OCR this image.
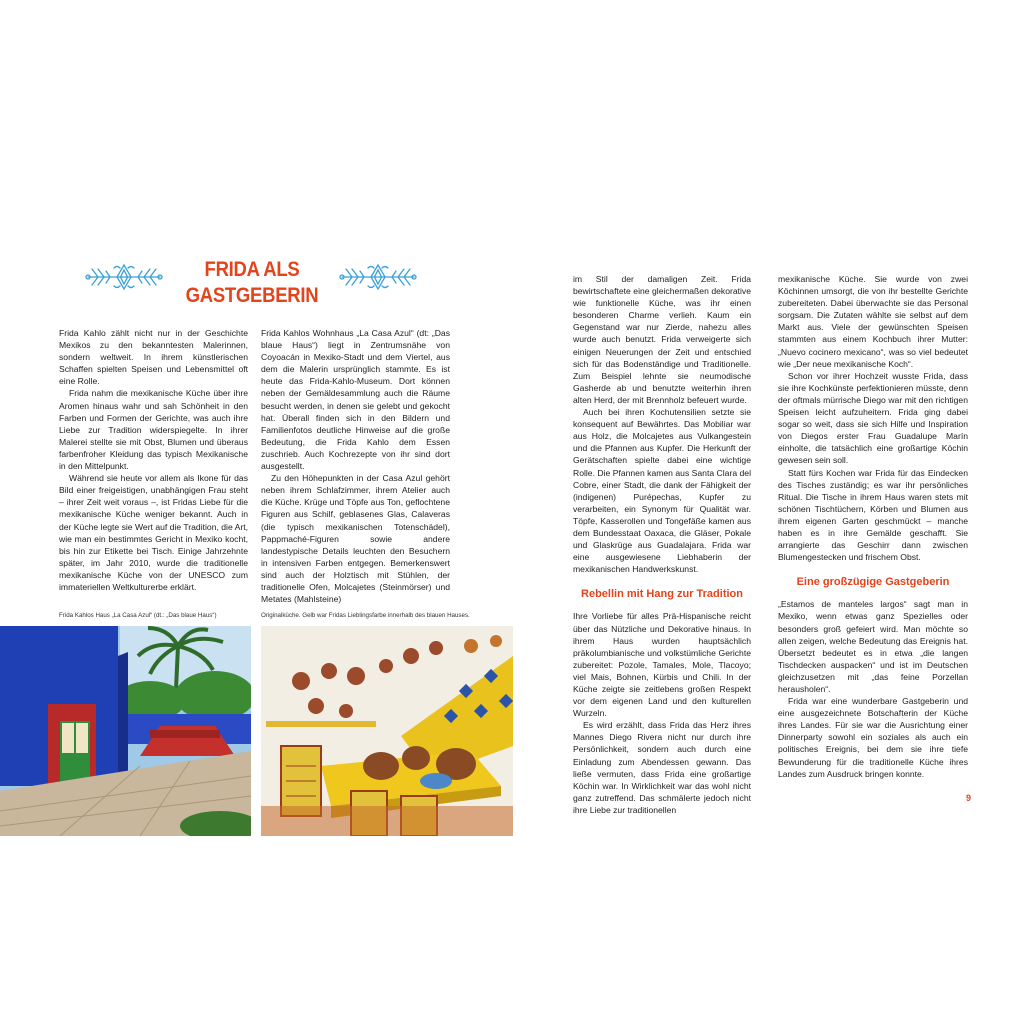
FRIDA ALS
GASTGEBERIN

Frida Kahlo zählt nicht nur in der Geschichte Mexikos zu den bekanntesten Malerinnen, sondern weltweit. In ihrem künstlerischen Schaffen spielten Speisen und Lebensmittel oft eine Rolle.

Frida nahm die mexikanische Küche über ihre Aromen hinaus wahr und sah Schönheit in den Farben und Formen der Gerichte, was auch ihre Liebe zur Tradition widerspiegelte. In ihrer Malerei stellte sie mit Obst, Blumen und überaus farbenfroher Kleidung das typisch Mexikanische in den Mittelpunkt.

Während sie heute vor allem als Ikone für das Bild einer freigeistigen, unabhängigen Frau steht – ihrer Zeit weit voraus –, ist Fridas Liebe für die mexikanische Küche weniger bekannt. Auch in der Küche legte sie Wert auf die Tradition, die Art, wie man ein bestimmtes Gericht in Mexiko kocht, bis hin zur Etikette bei Tisch. Einige Jahrzehnte später, im Jahr 2010, wurde die traditionelle mexikanische Küche von der UNESCO zum immateriellen Weltkulturerbe erklärt.

Frida Kahlos Wohnhaus „La Casa Azul“ (dt: „Das blaue Haus“) liegt in Zentrumsnähe von Coyoacán in Mexiko-Stadt und dem Viertel, aus dem die Malerin ursprünglich stammte. Es ist heute das Frida-Kahlo-Museum. Dort können neben der Gemäldesammlung auch die Räume besucht werden, in denen sie gelebt und gekocht hat. Überall finden sich in den Bildern und Familienfotos deutliche Hinweise auf die große Bedeutung, die Frida Kahlo dem Essen zuschrieb. Auch Kochrezepte von ihr sind dort ausgestellt.

Zu den Höhepunkten in der Casa Azul gehört neben ihrem Schlafzimmer, ihrem Atelier auch die Küche. Krüge und Töpfe aus Ton, geflochtene Figuren aus Schilf, geblasenes Glas, Calaveras (die typisch mexikanischen Totenschädel), Pappmaché-Figuren sowie andere landestypische Details leuchten den Besuchern in intensiven Farben entgegen. Bemerkenswert sind auch der Holztisch mit Stühlen, der traditionelle Ofen, Molcajetes (Steinmörser) und Metates (Mahlsteine)

Frida Kahlos Haus „La Casa Azul“ (dt.: „Das blaue Haus“)	Originalküche. Gelb war Fridas Lieblingsfarbe innerhalb des blauen Hauses.

im Stil der damaligen Zeit. Frida bewirtschaftete eine gleichermaßen dekorative wie funktionelle Küche, was ihr einen besonderen Charme verlieh. Kaum ein Gegenstand war nur Zierde, nahezu alles wurde auch benutzt. Frida verweigerte sich einigen Neuerungen der Zeit und entschied sich für das Bodenständige und Traditionelle. Zum Beispiel lehnte sie neumodische Gasherde ab und benutzte weiterhin ihren alten Herd, der mit Brennholz befeuert wurde.

Auch bei ihren Kochutensilien setzte sie konsequent auf Bewährtes. Das Mobiliar war aus Holz, die Molcajetes aus Vulkangestein und die Pfannen aus Kupfer. Die Herkunft der Gerätschaften spielte dabei eine wichtige Rolle. Die Pfannen kamen aus Santa Clara del Cobre, einer Stadt, die dank der Fähigkeit der (indigenen) Purépechas, Kupfer zu verarbeiten, ein Synonym für Qualität war. Töpfe, Kasserollen und Tongefäße kamen aus dem Bundesstaat Oaxaca, die Gläser, Pokale und Glaskrüge aus Guadalajara. Frida war eine ausgewiesene Liebhaberin der mexikanischen Handwerkskunst.

Rebellin mit Hang zur Tradition

Ihre Vorliebe für alles Prä-Hispanische reicht über das Nützliche und Dekorative hinaus. In ihrem Haus wurden hauptsächlich präkolumbianische und volkstümliche Gerichte zubereitet: Pozole, Tamales, Mole, Tlacoyo; viel Mais, Bohnen, Kürbis und Chili. In der Küche zeigte sie zeitlebens großen Respekt vor dem eigenen Land und den kulturellen Wurzeln.

Es wird erzählt, dass Frida das Herz ihres Mannes Diego Rivera nicht nur durch ihre Persönlichkeit, sondern auch durch eine Einladung zum Abendessen gewann. Das ließe vermuten, dass Frida eine großartige Köchin war. In Wirklichkeit war das wohl nicht ganz zutreffend. Das schmälerte jedoch nicht ihre Liebe zur traditionellen

mexikanische Küche. Sie wurde von zwei Köchinnen umsorgt, die von ihr bestellte Gerichte zubereiteten. Dabei überwachte sie das Personal sorgsam. Die Zutaten wählte sie selbst auf dem Markt aus. Viele der gewünschten Speisen stammten aus einem Kochbuch ihrer Mutter: „Nuevo cocinero mexicano“, was so viel bedeutet wie „Der neue mexikanische Koch“.

Schon vor ihrer Hochzeit wusste Frida, dass sie ihre Kochkünste perfektionieren müsste, denn der oftmals mürrische Diego war mit den richtigen Speisen leicht aufzuheitern. Frida ging dabei sogar so weit, dass sie sich Hilfe und Inspiration von Diegos erster Frau Guadalupe Marín einholte, die tatsächlich eine großartige Köchin gewesen sein soll.

Statt fürs Kochen war Frida für das Eindecken des Tisches zuständig; es war ihr persönliches Ritual. Die Tische in ihrem Haus waren stets mit schönen Tischtüchern, Körben und Blumen aus ihrem eigenen Garten geschmückt – manche haben es in ihre Gemälde geschafft. Sie arrangierte das Geschirr dann zwischen Blumengestecken und frischem Obst.

Eine großzügige Gastgeberin

„Estamos de manteles largos“ sagt man in Mexiko, wenn etwas ganz Spezielles oder besonders groß gefeiert wird. Man möchte so allen zeigen, welche Bedeutung das Ereignis hat. Übersetzt bedeutet es in etwa „die langen Tischdecken auspacken“ und ist im Deutschen gleichzusetzen mit „das feine Porzellan herausholen“.

Frida war eine wunderbare Gastgeberin und eine ausgezeichnete Botschafterin der Küche ihres Landes. Für sie war die Ausrichtung einer Dinnerparty sowohl ein soziales als auch ein politisches Ereignis, bei dem sie ihre tiefe Bewunderung für die traditionelle Küche ihres Landes zum Ausdruck bringen konnte.

9
